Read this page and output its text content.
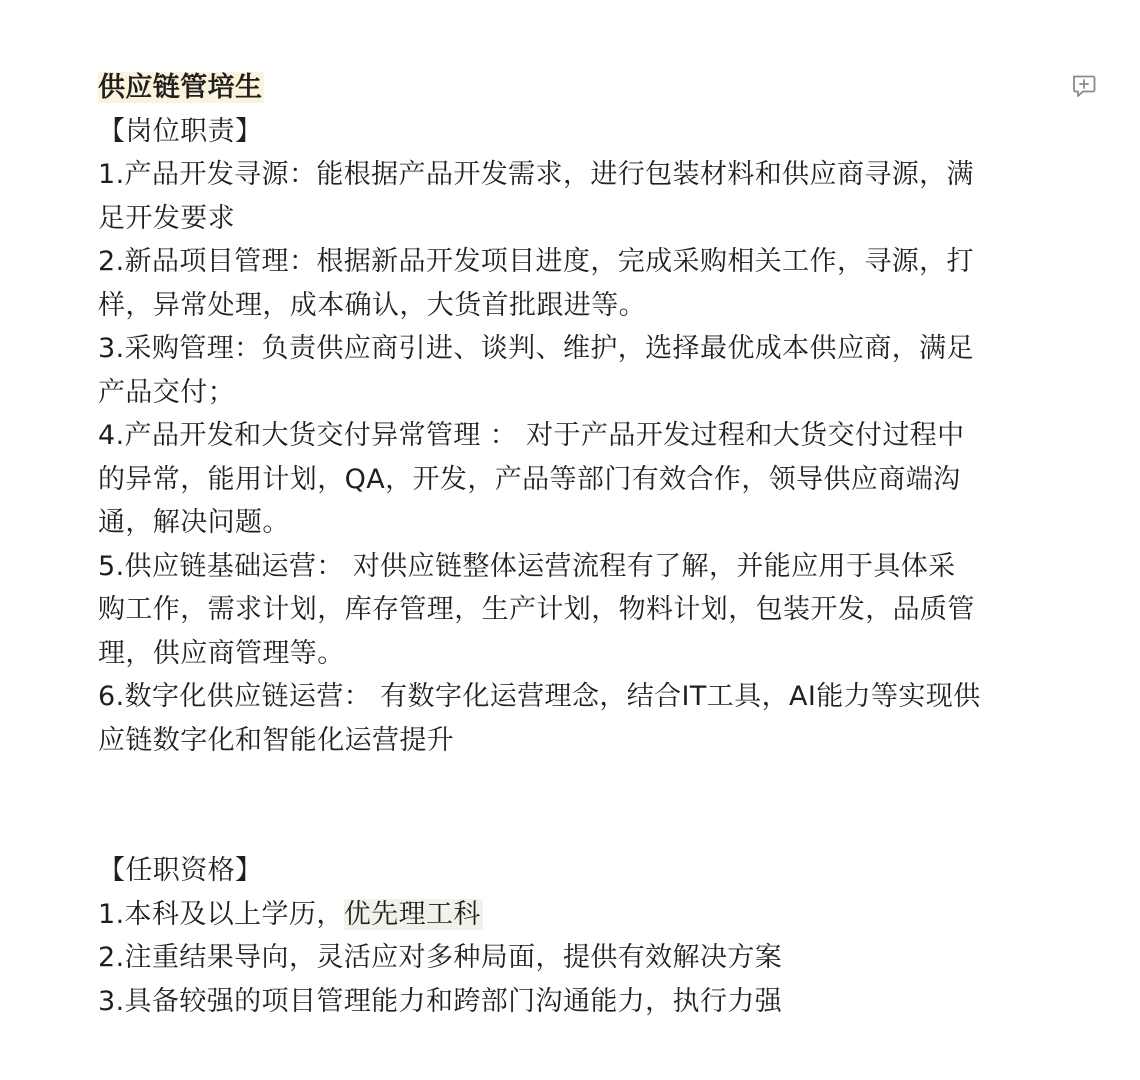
供应链管培生
【岗位职责】
1.产品开发寻源：能根据产品开发需求，进行包装材料和供应商寻源，满
足开发要求
2.新品项目管理：根据新品开发项目进度，完成采购相关工作，寻源，打
样，异常处理，成本确认，大货首批跟进等。
3.采购管理：负责供应商引进、谈判、维护，选择最优成本供应商，满足
产品交付；
4.产品开发和大货交付异常管理 ： 对于产品开发过程和大货交付过程中
的异常，能用计划，QA，开发，产品等部门有效合作，领导供应商端沟
通，解决问题。
5.供应链基础运营： 对供应链整体运营流程有了解，并能应用于具体采
购工作，需求计划，库存管理，生产计划，物料计划，包装开发，品质管
理，供应商管理等。
6.数字化供应链运营： 有数字化运营理念，结合IT工具，AI能力等实现供
应链数字化和智能化运营提升
【任职资格】
1.本科及以上学历，优先理工科
2.注重结果导向，灵活应对多种局面，提供有效解决方案
3.具备较强的项目管理能力和跨部门沟通能力，执行力强
